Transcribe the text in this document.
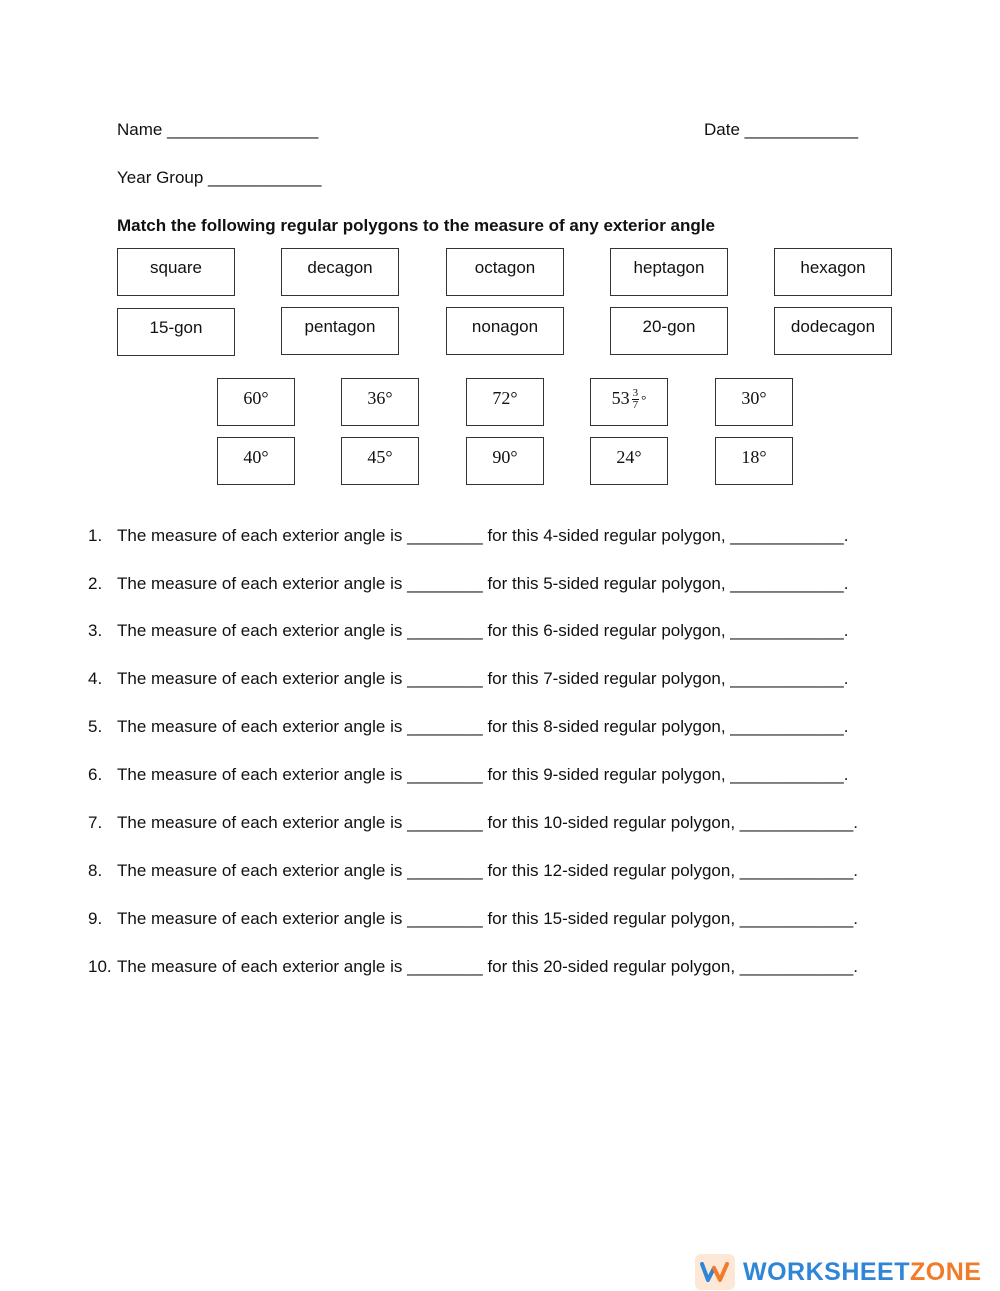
Name ________________	Date ____________
Year Group ____________
Match the following regular polygons to the measure of any exterior angle
square	decagon	octagon	heptagon	hexagon
15-gon	pentagon	nonagon	20-gon	dodecagon
60°	36°	72°	$53 \frac{3}{7}$ °	30°
40°	45°	90°	24°	18°
1. The measure of each exterior angle is ________ for this 4-sided regular polygon, ____________.
2. The measure of each exterior angle is ________ for this 5-sided regular polygon, ____________.
3. The measure of each exterior angle is ________ for this 6-sided regular polygon, ____________.
4. The measure of each exterior angle is ________ for this 7-sided regular polygon, ____________.
5. The measure of each exterior angle is ________ for this 8-sided regular polygon, ____________.
6. The measure of each exterior angle is ________ for this 9-sided regular polygon, ____________.
7. The measure of each exterior angle is ________ for this 10-sided regular polygon, ____________.
8. The measure of each exterior angle is ________ for this 12-sided regular polygon, ____________.
9. The measure of each exterior angle is ________ for this 15-sided regular polygon, ____________.
10. The measure of each exterior angle is ________ for this 20-sided regular polygon, ____________.
WORKSHEETZONE
